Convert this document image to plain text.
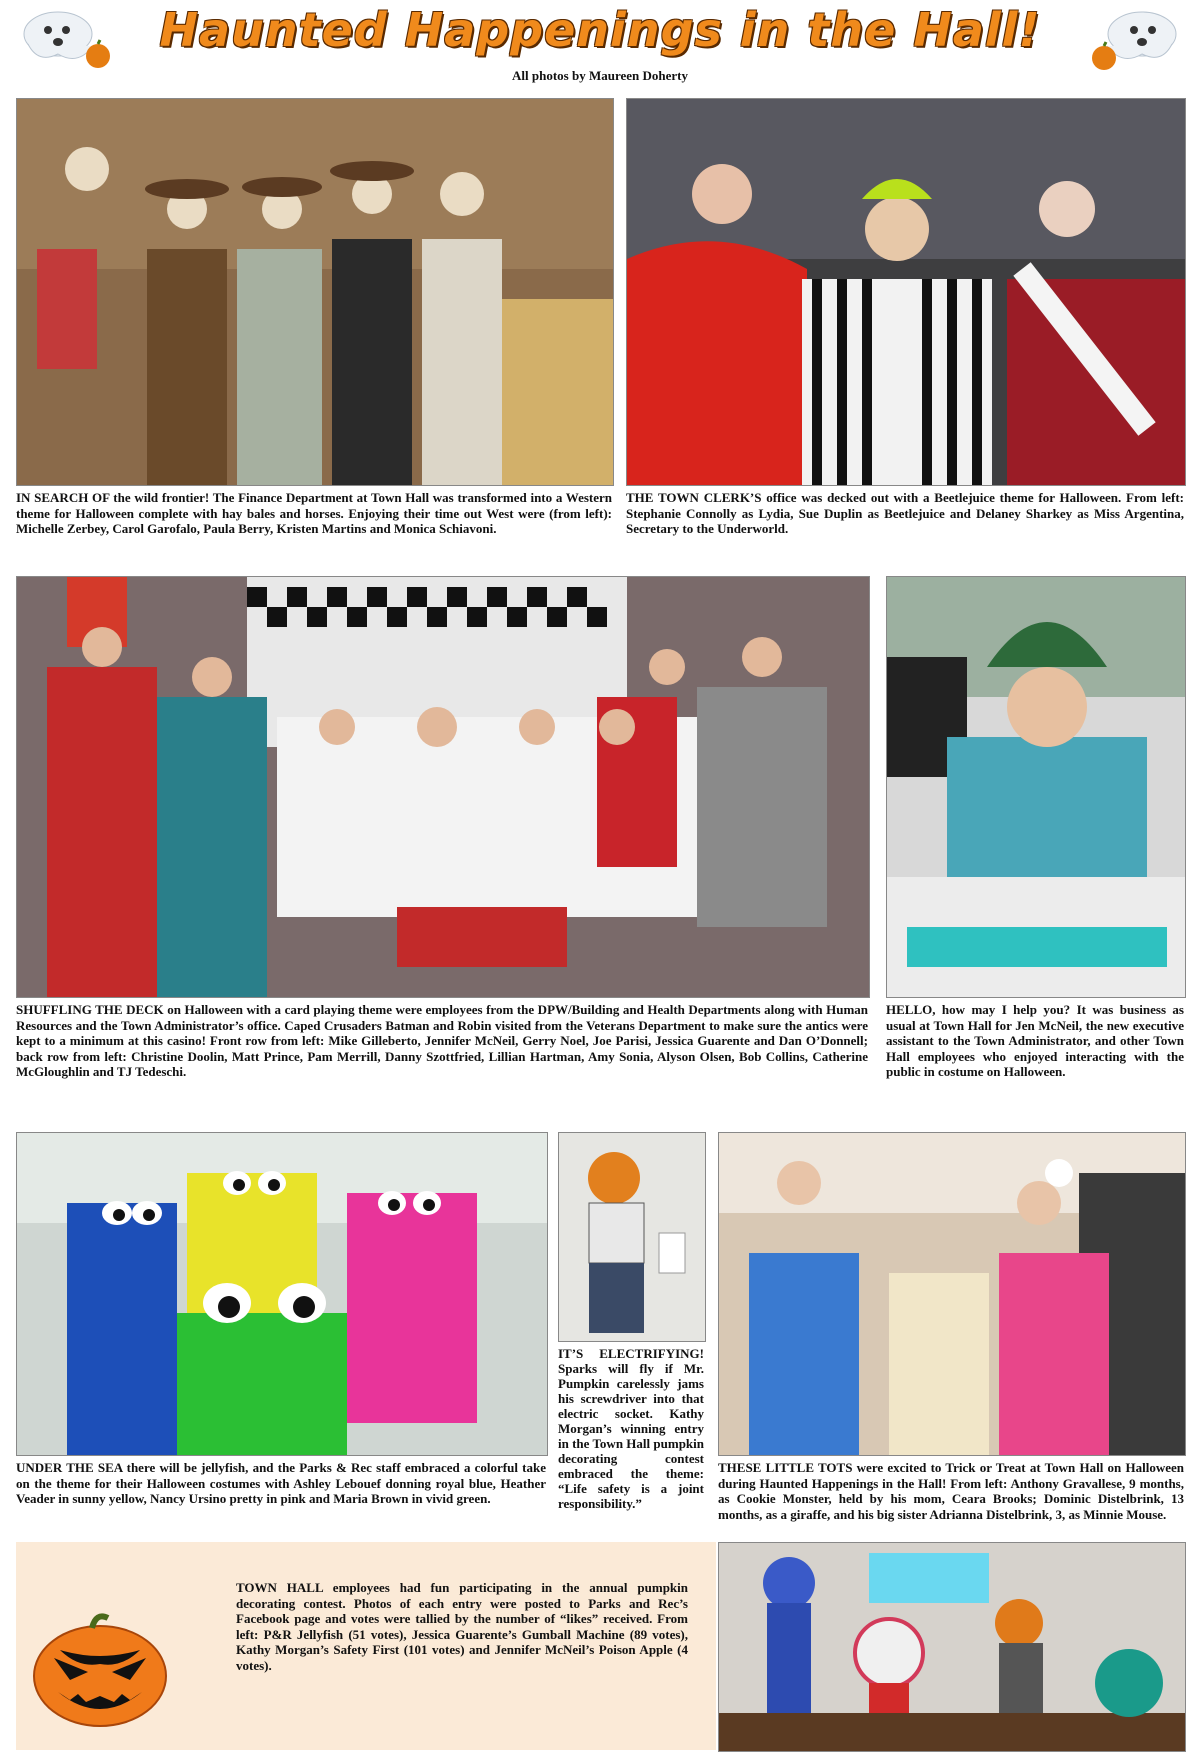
Haunted Happenings in the Hall!
All photos by Maureen Doherty
IN SEARCH OF the wild frontier! The Finance Department at Town Hall was transformed into a Western theme for Halloween complete with hay bales and horses. Enjoying their time out West were (from left): Michelle Zerbey, Carol Garofalo, Paula Berry, Kristen Martins and Monica Schiavoni.
THE TOWN CLERK’S office was decked out with a Beetlejuice theme for Halloween. From left: Stephanie Connolly as Lydia, Sue Duplin as Beetlejuice and Delaney Sharkey as Miss Argentina, Secretary to the Underworld.
SHUFFLING THE DECK on Halloween with a card playing theme were employees from the DPW/Building and Health Departments along with Human Resources and the Town Administrator’s office. Caped Crusaders Batman and Robin visited from the Veterans Department to make sure the antics were kept to a minimum at this casino! Front row from left: Mike Gilleberto, Jennifer McNeil, Gerry Noel, Joe Parisi, Jessica Guarente and Dan O’Donnell; back row from left: Christine Doolin, Matt Prince, Pam Merrill, Danny Szottfried, Lillian Hartman, Amy Sonia, Alyson Olsen, Bob Collins, Catherine McGloughlin and TJ Tedeschi.
HELLO, how may I help you? It was business as usual at Town Hall for Jen McNeil, the new executive assistant to the Town Administrator, and other Town Hall employees who enjoyed interacting with the public in costume on Halloween.
UNDER THE SEA there will be jellyfish, and the Parks & Rec staff embraced a colorful take on the theme for their Halloween costumes with Ashley Lebouef donning royal blue, Heather Veader in sunny yellow, Nancy Ursino pretty in pink and Maria Brown in vivid green.
IT’S ELECTRIFYING! Sparks will fly if Mr. Pumpkin carelessly jams his screwdriver into that electric socket. Kathy Morgan’s winning entry in the Town Hall pumpkin decorating contest embraced the theme: “Life safety is a joint responsibility.”
THESE LITTLE TOTS were excited to Trick or Treat at Town Hall on Halloween during Haunted Happenings in the Hall! From left: Anthony Gravallese, 9 months, as Cookie Monster, held by his mom, Ceara Brooks; Dominic Distelbrink, 13 months, as a giraffe, and his big sister Adrianna Distelbrink, 3, as Minnie Mouse.
TOWN HALL employees had fun participating in the annual pumpkin decorating contest. Photos of each entry were posted to Parks and Rec’s Facebook page and votes were tallied by the number of “likes” received. From left: P&R Jellyfish (51 votes), Jessica Guarente’s Gumball Machine (89 votes), Kathy Morgan’s Safety First (101 votes) and Jennifer McNeil’s Poison Apple (4 votes).
